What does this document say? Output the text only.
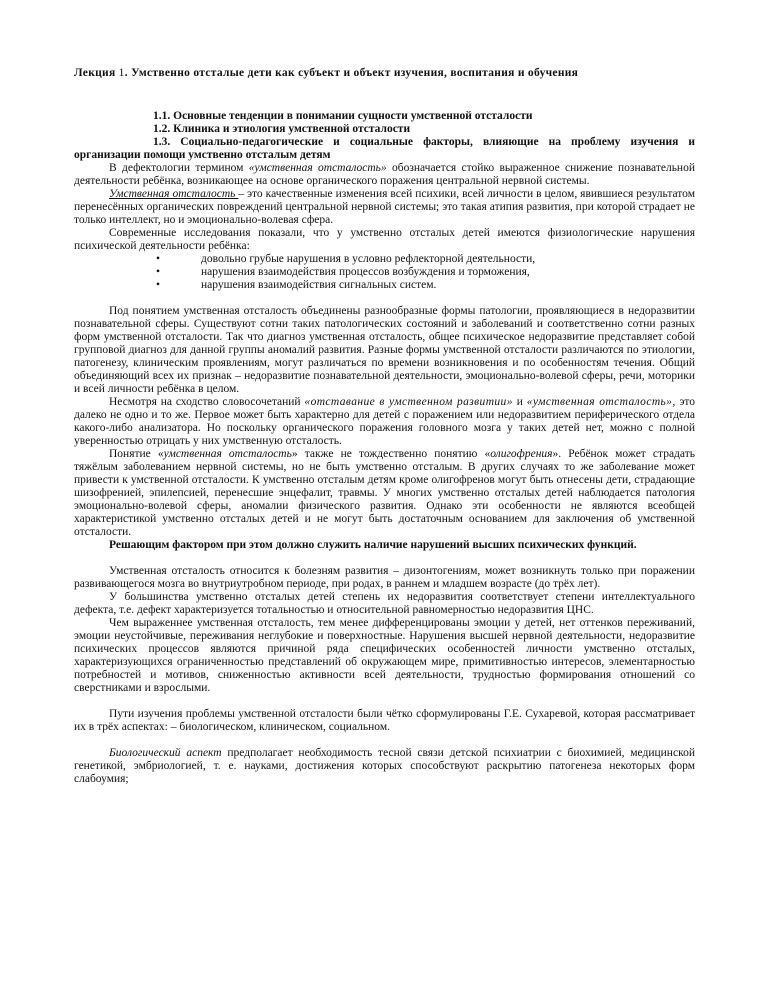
Лекция 1. Умственно отсталые дети как субъект и объект изучения, воспитания и обучения

1.1. Основные тенденции в понимании сущности умственной отсталости

1.2. Клиника и этиология умственной отсталости

1.3. Социально-педагогические и социальные факторы, влияющие на проблему изучения и организации помощи умственно отсталым детям

В дефектологии термином «умственная отсталость» обозначается стойко выраженное снижение познавательной деятельности ребёнка, возникающее на основе органического поражения центральной нервной системы.

Умственная отсталость – это качественные изменения всей психики, всей личности в целом, явившиеся результатом перенесённых органических повреждений центральной нервной системы; это такая атипия развития, при которой страдает не только интеллект, но и эмоционально-волевая сфера.

Современные исследования показали, что у умственно отсталых детей имеются физиологические нарушения психической деятельности ребёнка:

• довольно грубые нарушения в условно рефлекторной деятельности,
• нарушения взаимодействия процессов возбуждения и торможения,
• нарушения взаимодействия сигнальных систем.

Под понятием умственная отсталость объединены разнообразные формы патологии, проявляющиеся в недоразвитии познавательной сферы. Существуют сотни таких патологических состояний и заболеваний и соответственно сотни разных форм умственной отсталости. Так что диагноз умственная отсталость, общее психическое недоразвитие представляет собой групповой диагноз для данной группы аномалий развития. Разные формы умственной отсталости различаются по этиологии, патогенезу, клиническим проявлениям, могут различаться по времени возникновения и по особенностям течения. Общий объединяющий всех их признак – недоразвитие познавательной деятельности, эмоционально-волевой сферы, речи, моторики и всей личности ребёнка в целом.

Несмотря на сходство словосочетаний «отставание в умственном развитии» и «умственная отсталость», это далеко не одно и то же. Первое может быть характерно для детей с поражением или недоразвитием периферического отдела какого-либо анализатора. Но поскольку органического поражения головного мозга у таких детей нет, можно с полной уверенностью отрицать у них умственную отсталость.

Понятие «умственная отсталость» также не тождественно понятию «олигофрения». Ребёнок может страдать тяжёлым заболеванием нервной системы, но не быть умственно отсталым. В других случаях то же заболевание может привести к умственной отсталости. К умственно отсталым детям кроме олигофренов могут быть отнесены дети, страдающие шизофренией, эпилепсией, перенесшие энцефалит, травмы. У многих умственно отсталых детей наблюдается патология эмоционально-волевой сферы, аномалии физического развития. Однако эти особенности не являются всеобщей характеристикой умственно отсталых детей и не могут быть достаточным основанием для заключения об умственной отсталости.

Решающим фактором при этом должно служить наличие нарушений высших психических функций.

Умственная отсталость относится к болезням развития – дизонтогениям, может возникнуть только при поражении развивающегося мозга во внутриутробном периоде, при родах, в раннем и младшем возрасте (до трёх лет).

У большинства умственно отсталых детей степень их недоразвития соответствует степени интеллектуального дефекта, т.е. дефект характеризуется тотальностью и относительной равномерностью недоразвития ЦНС.

Чем выраженнее умственная отсталость, тем менее дифференцированы эмоции у детей, нет оттенков переживаний, эмоции неустойчивые, переживания неглубокие и поверхностные. Нарушения высшей нервной деятельности, недоразвитие психических процессов являются причиной ряда специфических особенностей личности умственно отсталых, характеризующихся ограниченностью представлений об окружающем мире, примитивностью интересов, элементарностью потребностей и мотивов, сниженностью активности всей деятельности, трудностью формирования отношений со сверстниками и взрослыми.

Пути изучения проблемы умственной отсталости были чётко сформулированы Г.Е. Сухаревой, которая рассматривает их в трёх аспектах: – биологическом, клиническом, социальном.

Биологический аспект предполагает необходимость тесной связи детской психиатрии с биохимией, медицинской генетикой, эмбриологией, т. е. науками, достижения которых способствуют раскрытию патогенеза некоторых форм слабоумия;
